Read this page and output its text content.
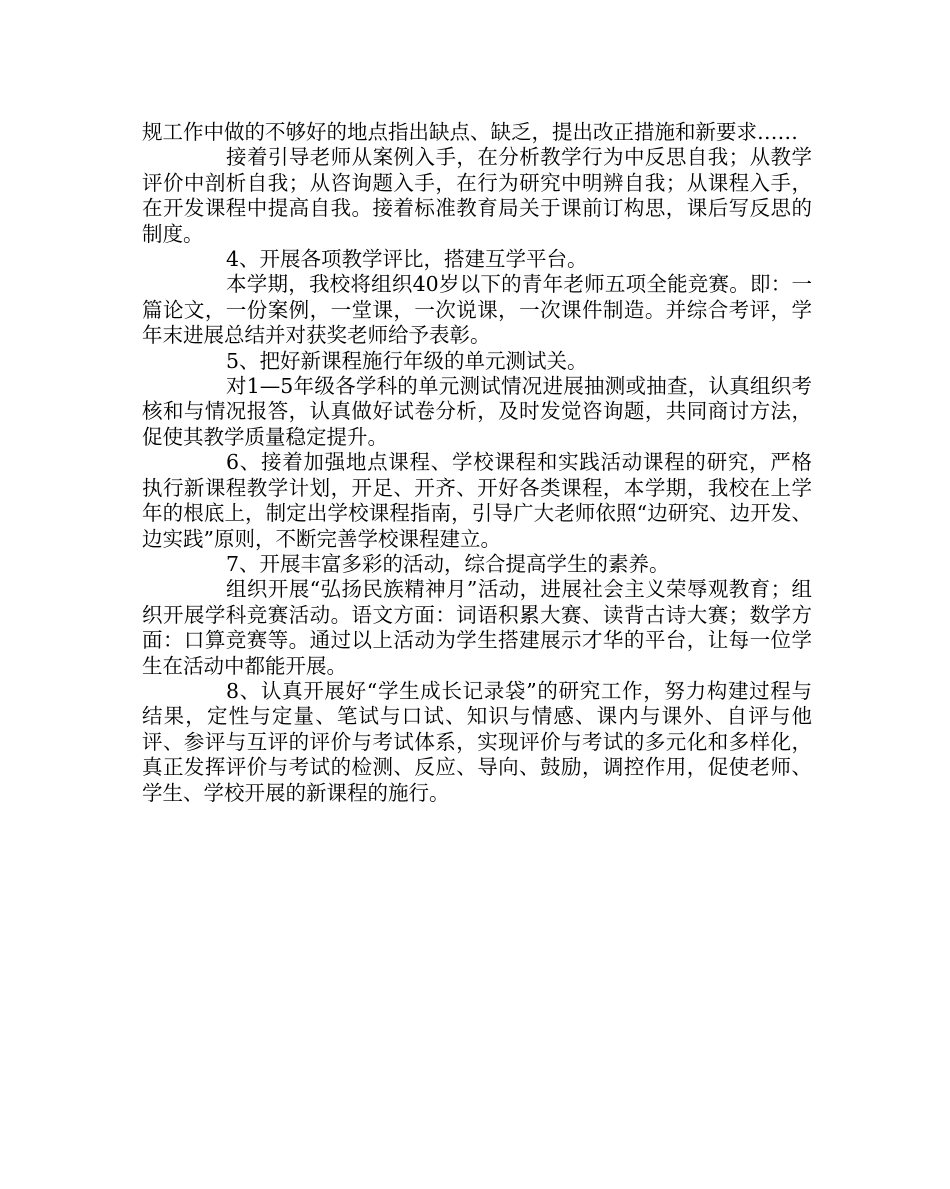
规工作中做的不够好的地点指出缺点、缺乏，提出改正措施和新要求……

接着引导老师从案例入手，在分析教学行为中反思自我；从教学评价中剖析自我；从咨询题入手，在行为研究中明辨自我；从课程入手，在开发课程中提高自我。接着标准教育局关于课前订构思，课后写反思的制度。

4、开展各项教学评比，搭建互学平台。

本学期，我校将组织40岁以下的青年老师五项全能竞赛。即：一篇论文，一份案例，一堂课，一次说课，一次课件制造。并综合考评，学年末进展总结并对获奖老师给予表彰。

5、把好新课程施行年级的单元测试关。

对1—5年级各学科的单元测试情况进展抽测或抽查，认真组织考核和与情况报答，认真做好试卷分析，及时发觉咨询题，共同商讨方法，促使其教学质量稳定提升。

6、接着加强地点课程、学校课程和实践活动课程的研究，严格执行新课程教学计划，开足、开齐、开好各类课程，本学期，我校在上学年的根底上，制定出学校课程指南，引导广大老师依照“边研究、边开发、边实践”原则，不断完善学校课程建立。

7、开展丰富多彩的活动，综合提高学生的素养。

组织开展“弘扬民族精神月”活动，进展社会主义荣辱观教育；组织开展学科竞赛活动。语文方面：词语积累大赛、读背古诗大赛；数学方面：口算竞赛等。通过以上活动为学生搭建展示才华的平台，让每一位学生在活动中都能开展。

8、认真开展好“学生成长记录袋”的研究工作，努力构建过程与结果，定性与定量、笔试与口试、知识与情感、课内与课外、自评与他评、参评与互评的评价与考试体系，实现评价与考试的多元化和多样化，真正发挥评价与考试的检测、反应、导向、鼓励，调控作用，促使老师、学生、学校开展的新课程的施行。
